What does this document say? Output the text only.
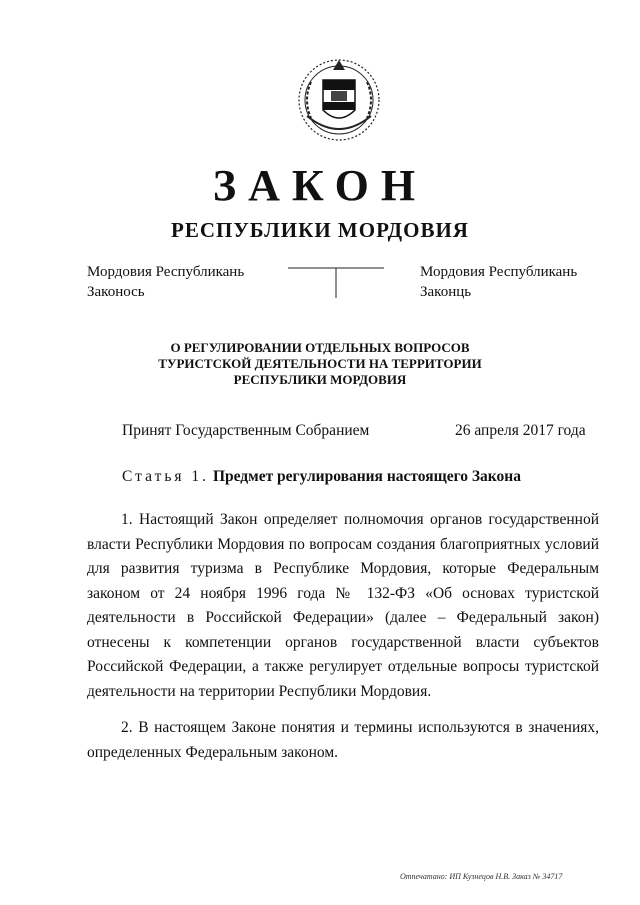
ЗАКОН
РЕСПУБЛИКИ МОРДОВИЯ
Мордовия Республикань
Законось
Мордовия Республикань
Законць
О РЕГУЛИРОВАНИИ ОТДЕЛЬНЫХ ВОПРОСОВ
ТУРИСТСКОЙ ДЕЯТЕЛЬНОСТИ НА ТЕРРИТОРИИ
РЕСПУБЛИКИ МОРДОВИЯ
Принят Государственным Собранием	26 апреля 2017 года
Статья 1. Предмет регулирования настоящего Закона
1. Настоящий Закон определяет полномочия органов государственной власти Республики Мордовия по вопросам создания благоприятных условий для развития туризма в Республике Мордовия, которые Федеральным законом от 24 ноября 1996 года № 132-ФЗ «Об основах туристской деятельности в Российской Федерации» (далее – Федеральный закон) отнесены к компетенции органов государственной власти субъектов Российской Федерации, а также регулирует отдельные вопросы туристской деятельности на территории Республики Мордовия.
2. В настоящем Законе понятия и термины используются в значениях, определенных Федеральным законом.
Отпечатано: ИП Кузнецов Н.В. Заказ № 34717
